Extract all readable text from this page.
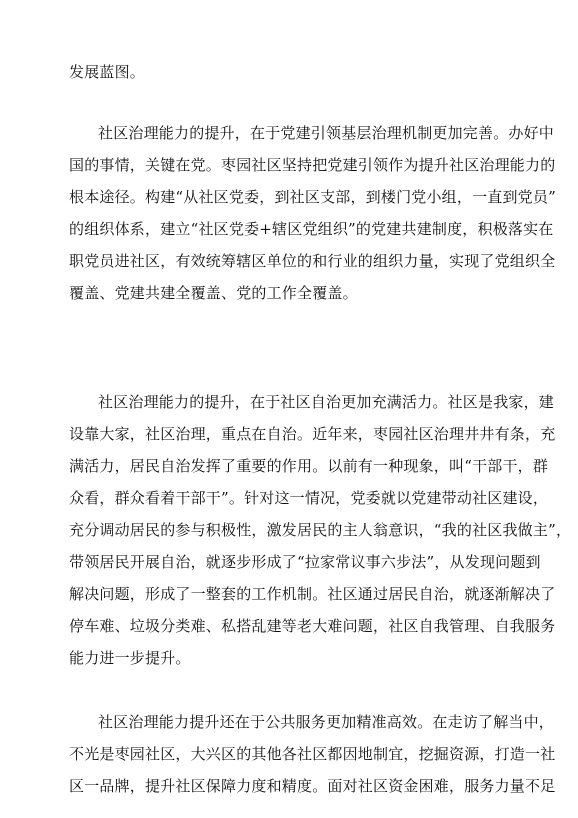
发展蓝图。
社区治理能力的提升，在于党建引领基层治理机制更加完善。办好中
国的事情，关键在党。枣园社区坚持把党建引领作为提升社区治理能力的
根本途径。构建“从社区党委，到社区支部，到楼门党小组，一直到党员”
的组织体系，建立“社区党委+辖区党组织”的党建共建制度，积极落实在
职党员进社区，有效统筹辖区单位的和行业的组织力量，实现了党组织全
覆盖、党建共建全覆盖、党的工作全覆盖。
社区治理能力的提升，在于社区自治更加充满活力。社区是我家，建
设靠大家，社区治理，重点在自治。近年来，枣园社区治理井井有条，充
满活力，居民自治发挥了重要的作用。以前有一种现象，叫“干部干，群
众看，群众看着干部干”。针对这一情况，党委就以党建带动社区建设，
充分调动居民的参与积极性，激发居民的主人翁意识，“我的社区我做主”，
带领居民开展自治，就逐步形成了“拉家常议事六步法”，从发现问题到
解决问题，形成了一整套的工作机制。社区通过居民自治，就逐渐解决了
停车难、垃圾分类难、私搭乱建等老大难问题，社区自我管理、自我服务
能力进一步提升。
社区治理能力提升还在于公共服务更加精准高效。在走访了解当中，
不光是枣园社区，大兴区的其他各社区都因地制宜，挖掘资源，打造一社
区一品牌，提升社区保障力度和精度。面对社区资金困难，服务力量不足
